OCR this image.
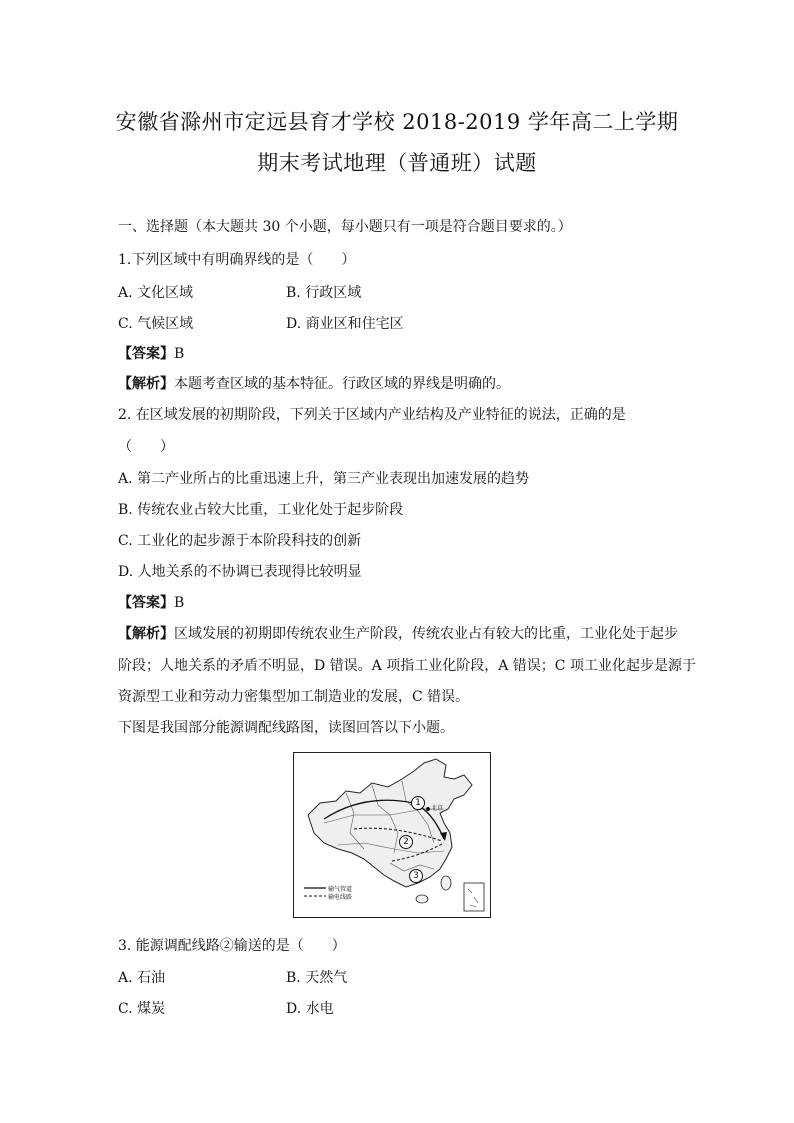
安徽省滁州市定远县育才学校 2018-2019 学年高二上学期
期末考试地理（普通班）试题
一、选择题（本大题共 30 个小题，每小题只有一项是符合题目要求的。）
1.下列区域中有明确界线的是（　　）
A. 文化区域	B. 行政区域
C. 气候区域	D. 商业区和住宅区
【答案】B
【解析】本题考查区域的基本特征。行政区域的界线是明确的。
2. 在区域发展的初期阶段，下列关于区域内产业结构及产业特征的说法，正确的是
（　　）
A. 第二产业所占的比重迅速上升，第三产业表现出加速发展的趋势
B. 传统农业占较大比重，工业化处于起步阶段
C. 工业化的起步源于本阶段科技的创新
D. 人地关系的不协调已表现得比较明显
【答案】B
【解析】区域发展的初期即传统农业生产阶段，传统农业占有较大的比重，工业化处于起步
阶段；人地关系的矛盾不明显，D 错误。A 项指工业化阶段，A 错误；C 项工业化起步是源于
资源型工业和劳动力密集型加工制造业的发展，C 错误。
下图是我国部分能源调配线路图，读图回答以下小题。
1
2
3
北京
输气管道
输电线路
3. 能源调配线路②输送的是（　　）
A. 石油	B. 天然气
C. 煤炭	D. 水电
